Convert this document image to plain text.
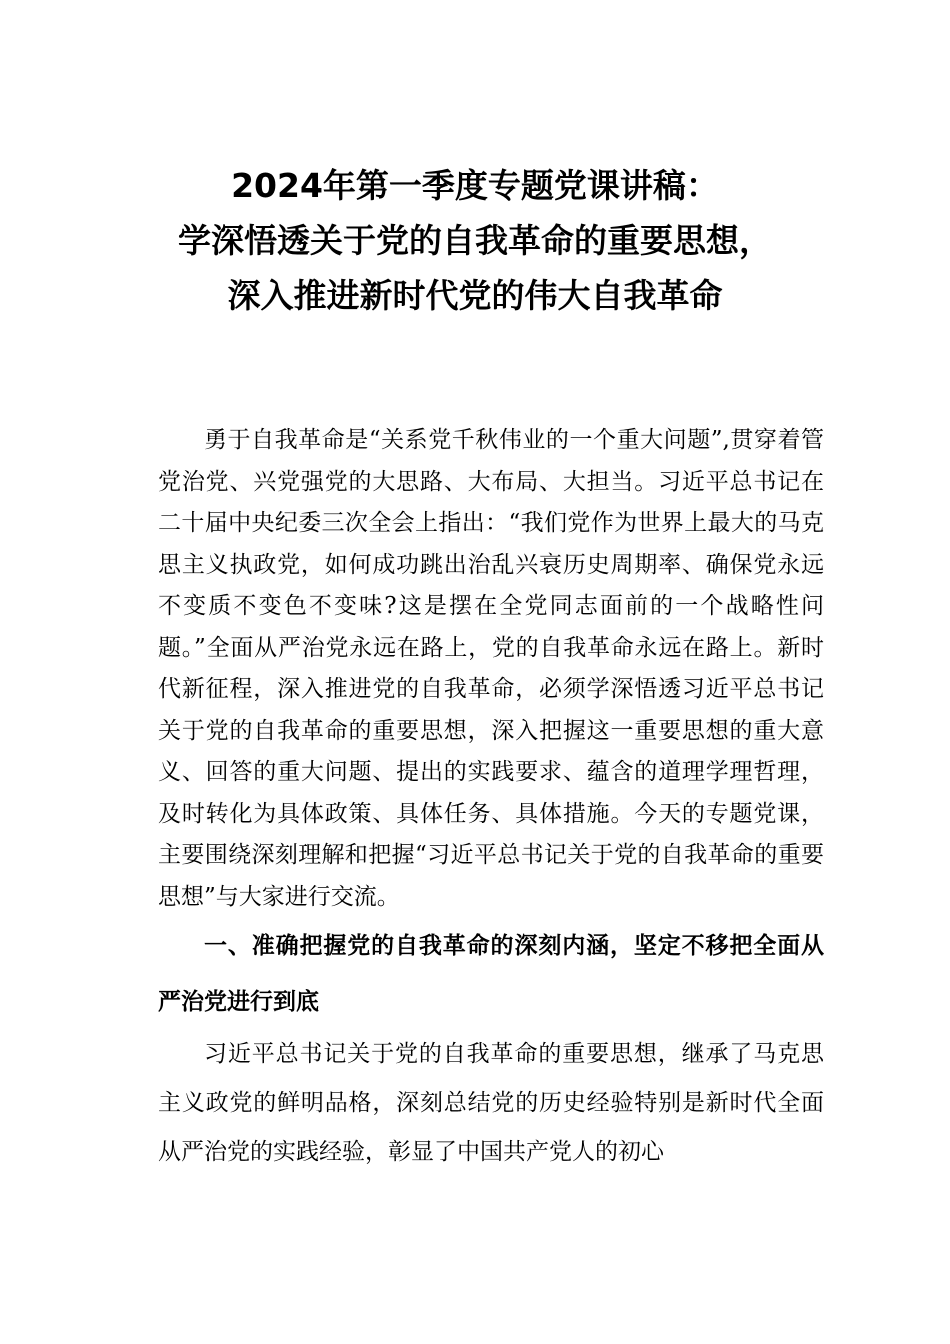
2024年第一季度专题党课讲稿：
学深悟透关于党的自我革命的重要思想，
深入推进新时代党的伟大自我革命

勇于自我革命是“关系党千秋伟业的一个重大问题”,贯穿着管党治党、兴党强党的大思路、大布局、大担当。习近平总书记在二十届中央纪委三次全会上指出：“我们党作为世界上最大的马克思主义执政党，如何成功跳出治乱兴衰历史周期率、确保党永远不变质不变色不变味?这是摆在全党同志面前的一个战略性问题。”全面从严治党永远在路上，党的自我革命永远在路上。新时代新征程，深入推进党的自我革命，必须学深悟透习近平总书记关于党的自我革命的重要思想，深入把握这一重要思想的重大意义、回答的重大问题、提出的实践要求、蕴含的道理学理哲理，及时转化为具体政策、具体任务、具体措施。今天的专题党课，主要围绕深刻理解和把握“习近平总书记关于党的自我革命的重要思想”与大家进行交流。

一、准确把握党的自我革命的深刻内涵，坚定不移把全面从严治党进行到底

习近平总书记关于党的自我革命的重要思想，继承了马克思主义政党的鲜明品格，深刻总结党的历史经验特别是新时代全面从严治党的实践经验，彰显了中国共产党人的初心
